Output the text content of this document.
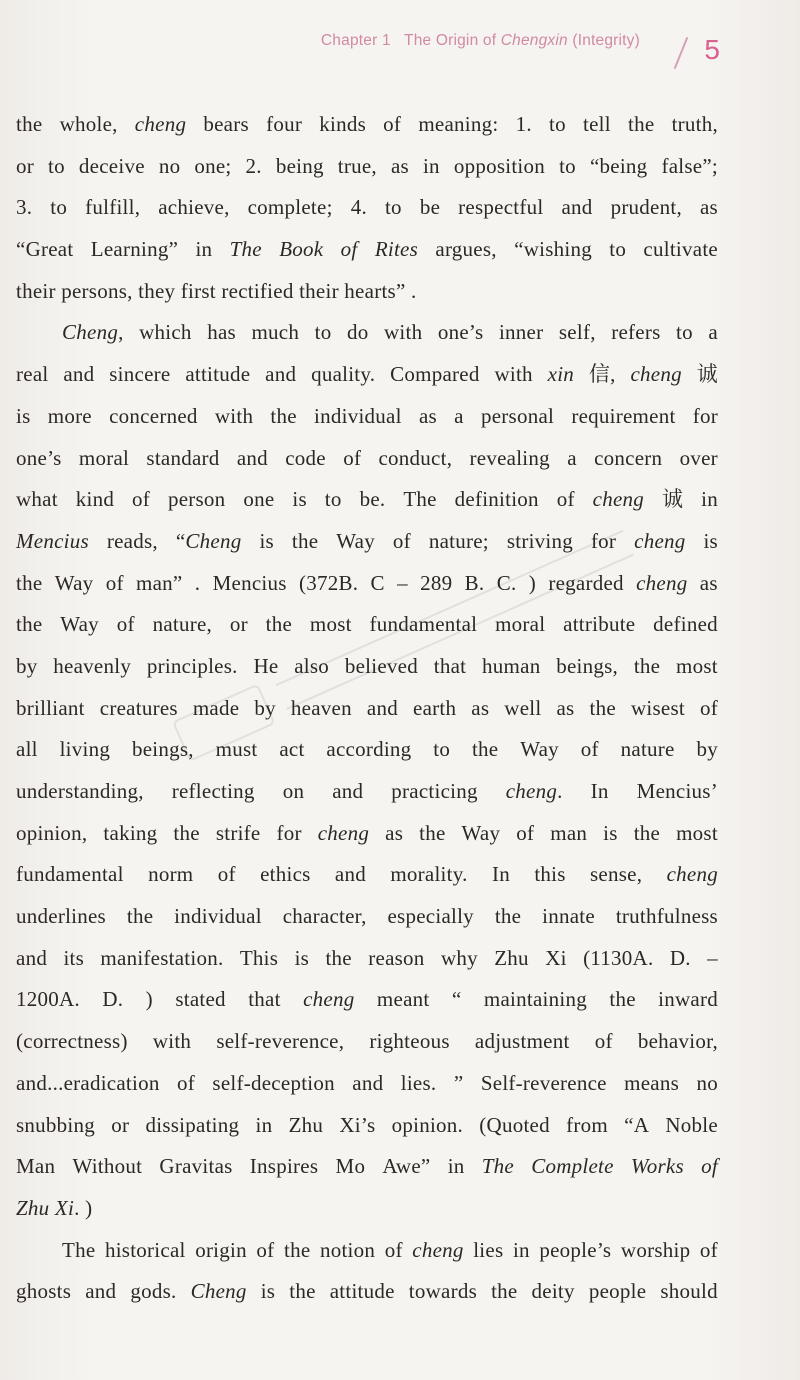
Chapter 1 The Origin of Chengxin (Integrity) 5
the whole, cheng bears four kinds of meaning: 1. to tell the truth,
or to deceive no one; 2. being true, as in opposition to “being false”;
3. to fulfill, achieve, complete; 4. to be respectful and prudent, as
“Great Learning” in The Book of Rites argues, “wishing to cultivate
their persons, they first rectified their hearts” .
Cheng, which has much to do with one’s inner self, refers to a
real and sincere attitude and quality. Compared with xin 信, cheng 诚
is more concerned with the individual as a personal requirement for
one’s moral standard and code of conduct, revealing a concern over
what kind of person one is to be. The definition of cheng 诚 in
Mencius reads, “Cheng is the Way of nature; striving for cheng is
the Way of man” . Mencius (372B. C – 289 B. C. ) regarded cheng as
the Way of nature, or the most fundamental moral attribute defined
by heavenly principles. He also believed that human beings, the most
brilliant creatures made by heaven and earth as well as the wisest of
all living beings, must act according to the Way of nature by
understanding, reflecting on and practicing cheng. In Mencius’
opinion, taking the strife for cheng as the Way of man is the most
fundamental norm of ethics and morality. In this sense, cheng
underlines the individual character, especially the innate truthfulness
and its manifestation. This is the reason why Zhu Xi (1130A. D. –
1200A. D. ) stated that cheng meant “ maintaining the inward
(correctness) with self-reverence, righteous adjustment of behavior,
and...eradication of self-deception and lies. ” Self-reverence means no
snubbing or dissipating in Zhu Xi’s opinion. (Quoted from “A Noble
Man Without Gravitas Inspires Mo Awe” in The Complete Works of
Zhu Xi . )
The historical origin of the notion of cheng lies in people’s worship of
ghosts and gods. Cheng is the attitude towards the deity people should
